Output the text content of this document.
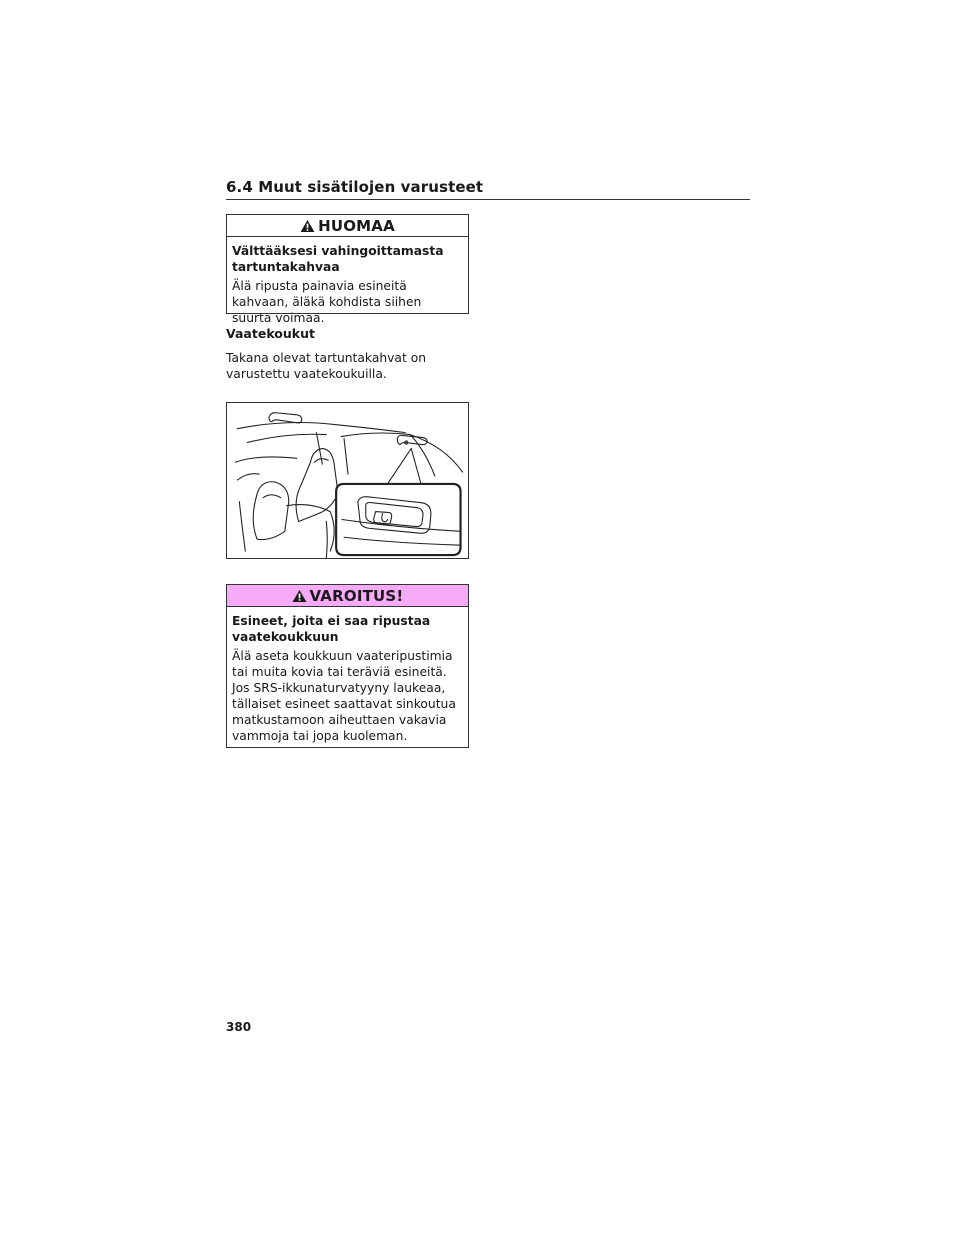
6.4 Muut sisätilojen varusteet
HUOMAA

Välttääksesi vahingoittamasta tartuntakahvaa

Älä ripusta painavia esineitä kahvaan, äläkä kohdista siihen suurta voimaa.

Vaatekoukut

Takana olevat tartuntakahvat on varustettu vaatekoukuilla.

VAROITUS!

Esineet, joita ei saa ripustaa vaatekoukkuun

Älä aseta koukkuun vaateripustimia tai muita kovia tai teräviä esineitä. Jos SRS-ikkunaturvatyyny laukeaa, tällaiset esineet saattavat sinkoutua matkustamoon aiheuttaen vakavia vammoja tai jopa kuoleman.

380
